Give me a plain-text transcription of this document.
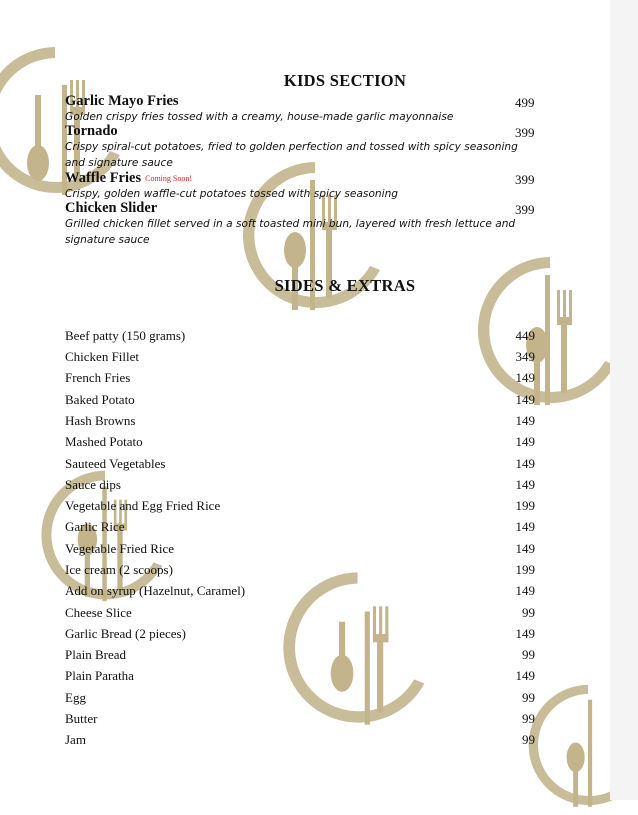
KIDS SECTION
Garlic Mayo Fries
Golden crispy fries tossed with a creamy, house-made garlic mayonnaise
499
Tornado
Crispy spiral-cut potatoes, fried to golden perfection and tossed with spicy seasoning and signature sauce
399
Waffle Fries Coming Soon!
Crispy, golden waffle-cut potatoes tossed with spicy seasoning
399
Chicken Slider
Grilled chicken fillet served in a soft toasted mini bun, layered with fresh lettuce and signature sauce
399
SIDES & EXTRAS
Beef patty (150 grams)	449
Chicken Fillet	349
French Fries	149
Baked Potato	149
Hash Browns	149
Mashed Potato	149
Sauteed Vegetables	149
Sauce dips	149
Vegetable and Egg Fried Rice	199
Garlic Rice	149
Vegetable Fried Rice	149
Ice cream (2 scoops)	199
Add on syrup (Hazelnut, Caramel)	149
Cheese Slice	99
Garlic Bread (2 pieces)	149
Plain Bread	99
Plain Paratha	149
Egg	99
Butter	99
Jam	99
